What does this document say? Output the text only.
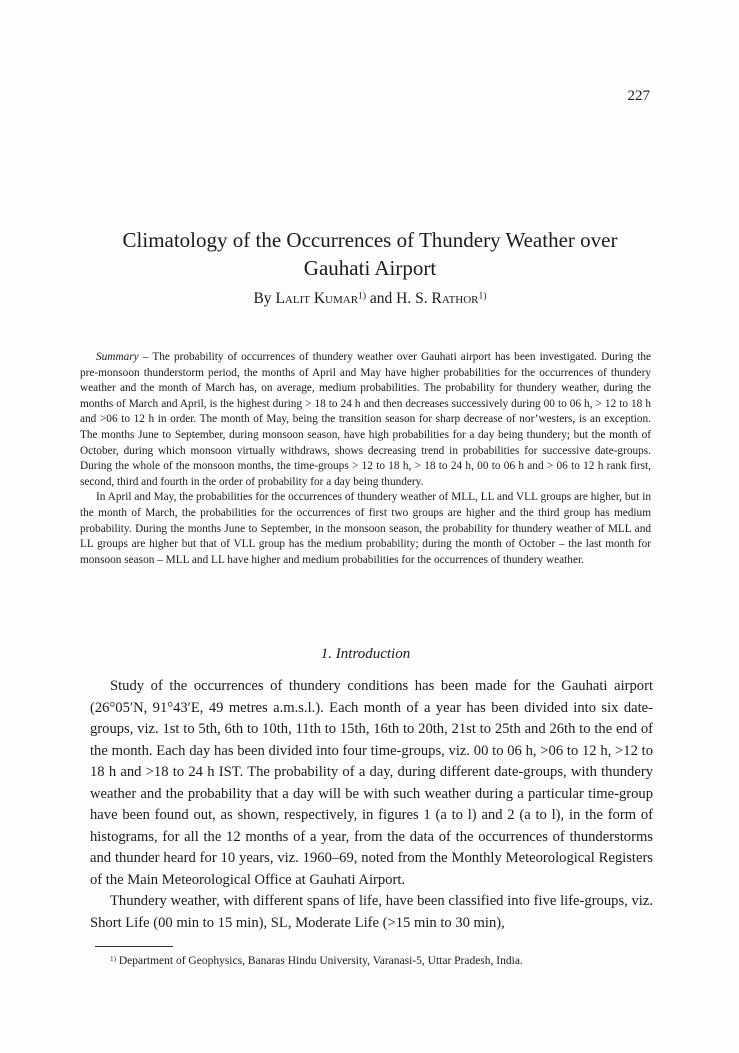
227
Climatology of the Occurrences of Thundery Weather over
Gauhati Airport
By Lalit Kumar$^{1)}$ and H. S. Rathor$^{1)}$

Summary – The probability of occurrences of thundery weather over Gauhati airport has been investigated. During the pre-monsoon thunderstorm period, the months of April and May have higher probabilities for the occurrences of thundery weather and the month of March has, on average, medium probabilities. The probability for thundery weather, during the months of March and April, is the highest during > 18 to 24 h and then decreases successively during 00 to 06 h, > 12 to 18 h and >06 to 12 h in order. The month of May, being the transition season for sharp decrease of nor’westers, is an exception. The months June to September, during monsoon season, have high probabilities for a day being thundery; but the month of October, during which monsoon virtually withdraws, shows decreasing trend in probabilities for successive date-groups. During the whole of the monsoon months, the time-groups > 12 to 18 h, > 18 to 24 h, 00 to 06 h and > 06 to 12 h rank first, second, third and fourth in the order of probability for a day being thundery.

In April and May, the probabilities for the occurrences of thundery weather of MLL, LL and VLL groups are higher, but in the month of March, the probabilities for the occurrences of first two groups are higher and the third group has medium probability. During the months June to September, in the monsoon season, the probability for thundery weather of MLL and LL groups are higher but that of VLL group has the medium probability; during the month of October – the last month for monsoon season – MLL and LL have higher and medium probabilities for the occurrences of thundery weather.

1. Introduction

Study of the occurrences of thundery conditions has been made for the Gauhati airport (26°05′N, 91°43′E, 49 metres a.m.s.l.). Each month of a year has been divided into six date-groups, viz. 1st to 5th, 6th to 10th, 11th to 15th, 16th to 20th, 21st to 25th and 26th to the end of the month. Each day has been divided into four time-groups, viz. 00 to 06 h, >06 to 12 h, >12 to 18 h and >18 to 24 h IST. The probability of a day, during different date-groups, with thundery weather and the probability that a day will be with such weather during a particular time-group have been found out, as shown, respectively, in figures 1 (a to l) and 2 (a to l), in the form of histograms, for all the 12 months of a year, from the data of the occurrences of thunderstorms and thunder heard for 10 years, viz. 1960–69, noted from the Monthly Meteorological Registers of the Main Meteorological Office at Gauhati Airport.

Thundery weather, with different spans of life, have been classified into five life-groups, viz. Short Life (00 min to 15 min), SL, Moderate Life (>15 min to 30 min),

$^{1)}$ Department of Geophysics, Banaras Hindu University, Varanasi-5, Uttar Pradesh, India.
